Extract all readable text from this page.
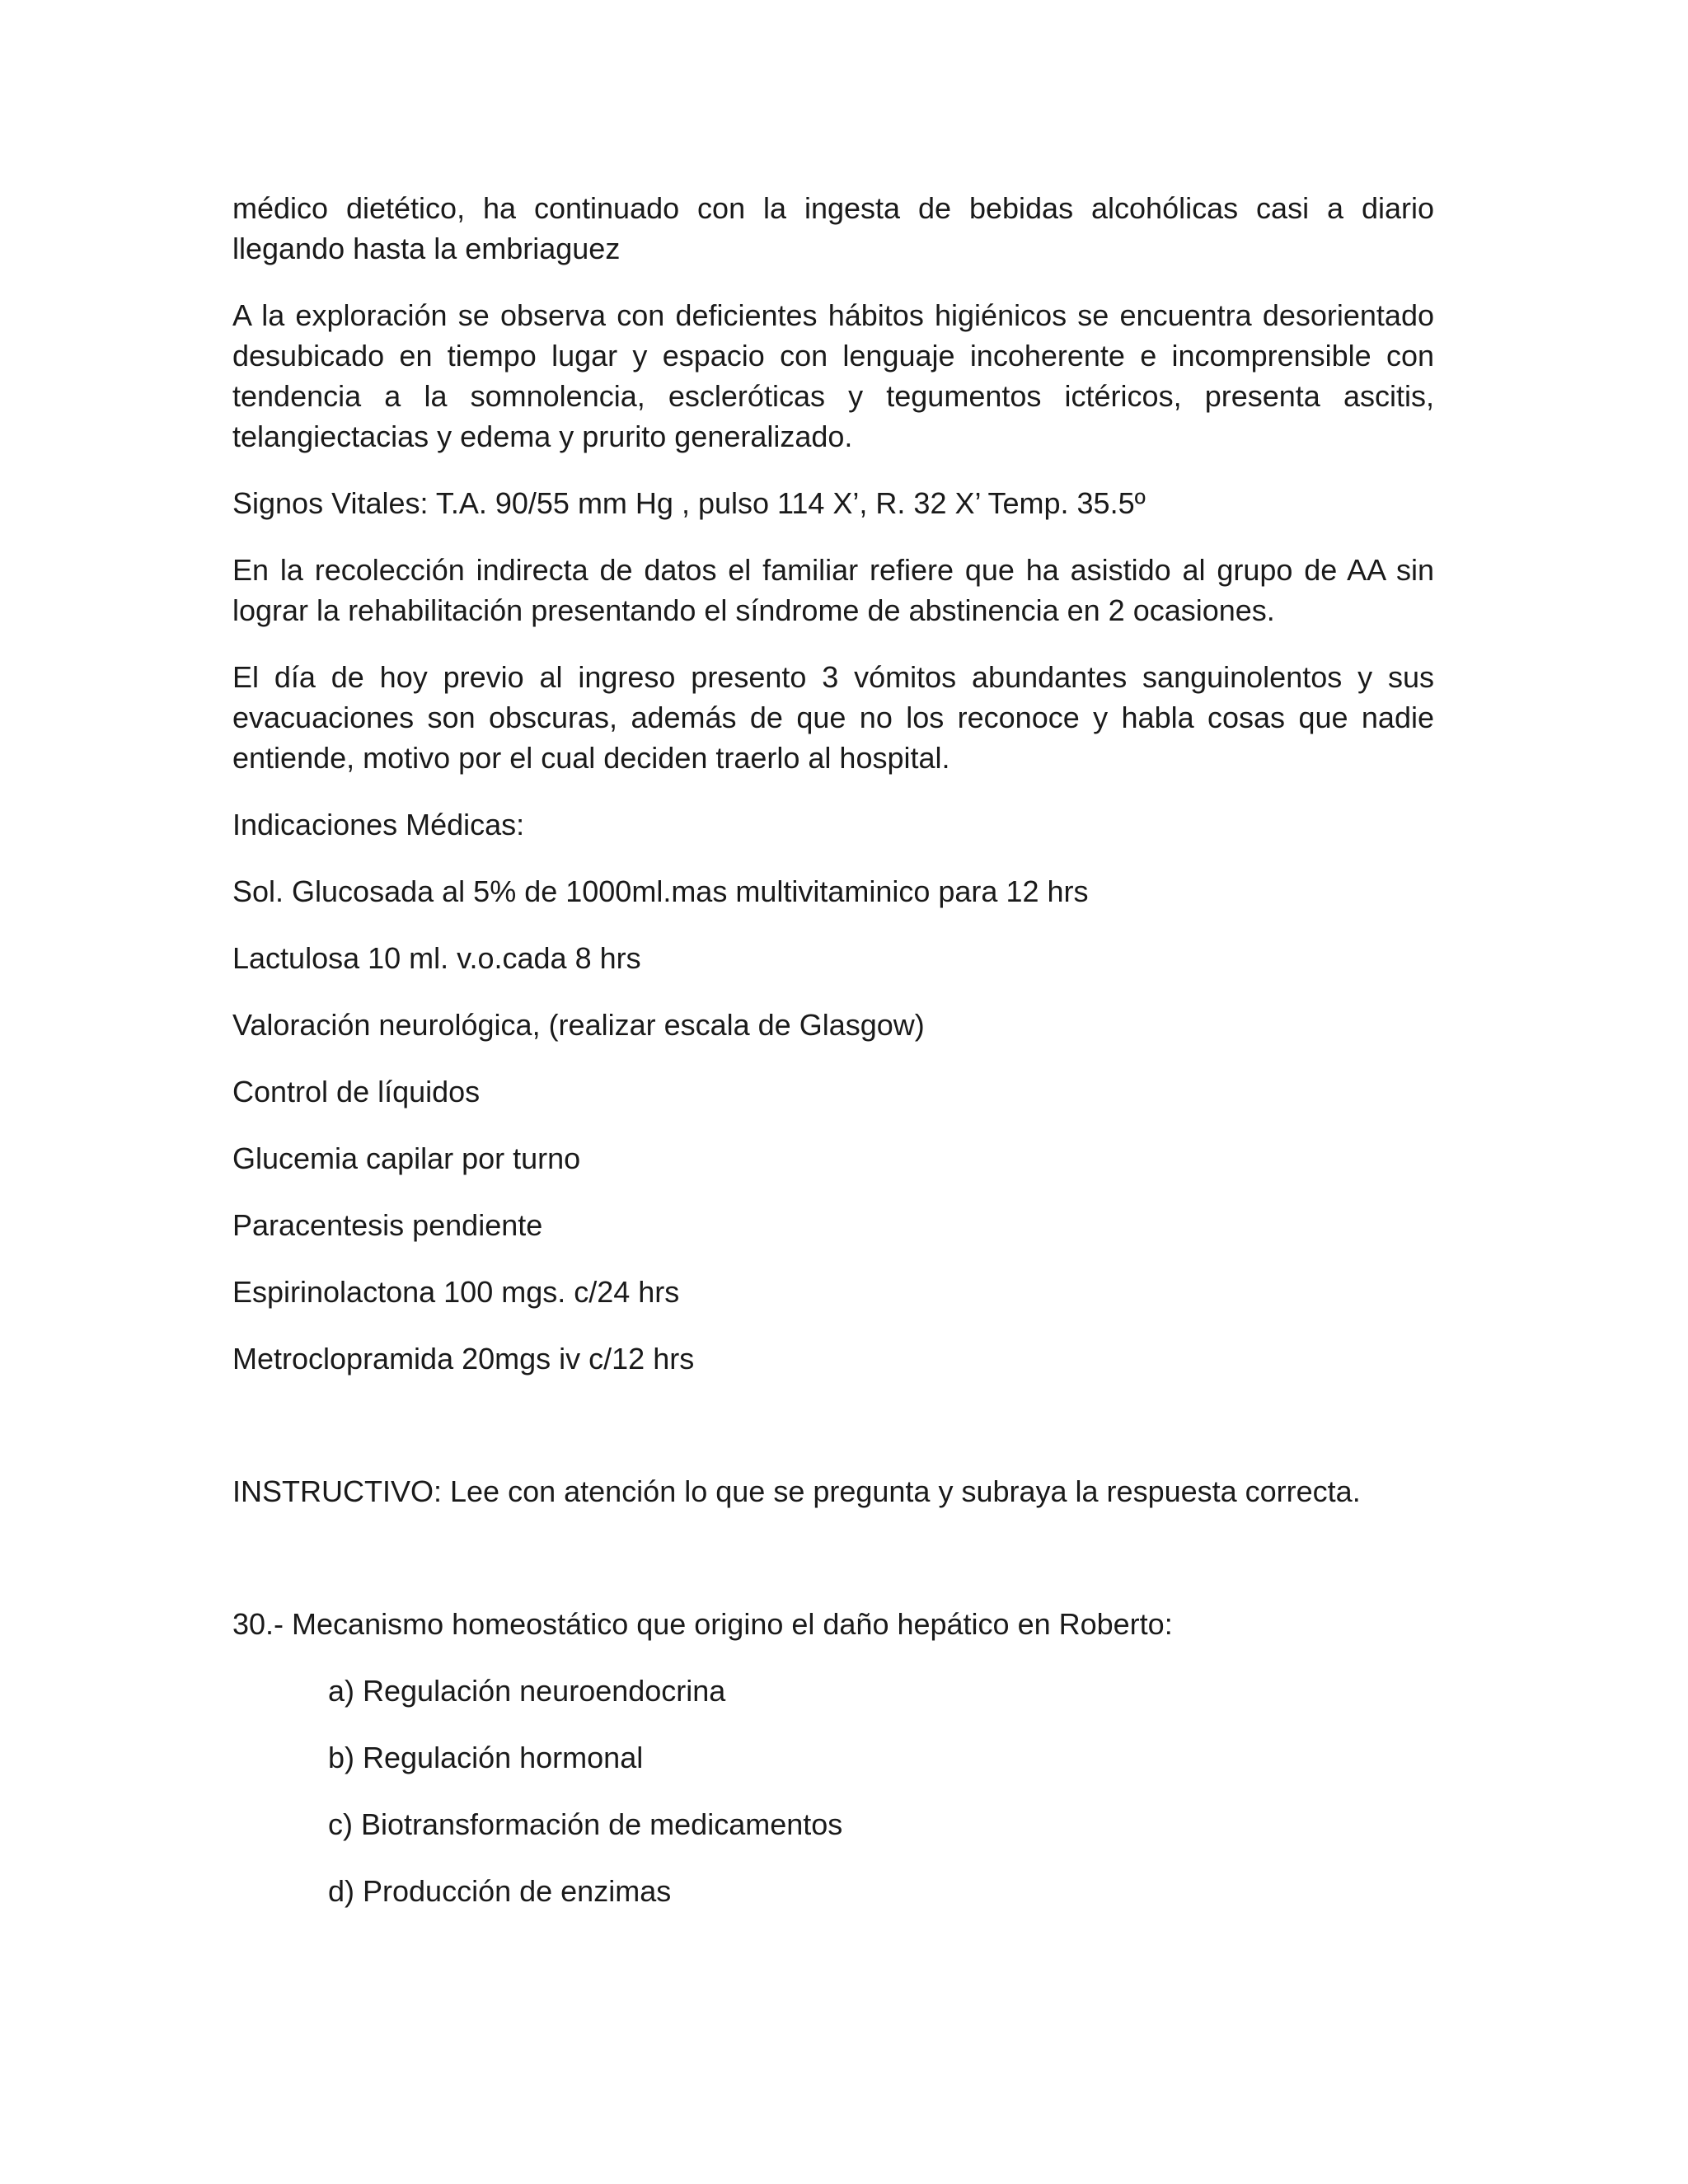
médico dietético, ha continuado con la ingesta de bebidas alcohólicas casi a diario llegando hasta la embriaguez

A la exploración se observa con deficientes hábitos higiénicos se encuentra desorientado desubicado en tiempo lugar y espacio con lenguaje incoherente e incomprensible con tendencia a la somnolencia, escleróticas y tegumentos ictéricos, presenta ascitis, telangiectacias y edema y prurito generalizado.

Signos Vitales: T.A. 90/55 mm Hg , pulso 114 X’, R. 32 X’ Temp. 35.5º

En la recolección indirecta de datos el familiar refiere que ha asistido al grupo de AA sin lograr la rehabilitación presentando el síndrome de abstinencia en 2 ocasiones.

El día de hoy previo al ingreso presento 3 vómitos abundantes sanguinolentos y sus evacuaciones son obscuras, además de que no los reconoce y habla cosas que nadie entiende, motivo por el cual deciden traerlo al hospital.

Indicaciones Médicas:

Sol. Glucosada al 5% de 1000ml.mas multivitaminico para 12 hrs

Lactulosa 10 ml. v.o.cada 8 hrs

Valoración neurológica, (realizar escala de Glasgow)

Control de líquidos

Glucemia capilar por turno

Paracentesis pendiente

Espirinolactona 100 mgs. c/24 hrs

Metroclopramida 20mgs iv c/12 hrs

INSTRUCTIVO: Lee con atención lo que se pregunta y subraya la respuesta correcta.

30.- Mecanismo homeostático que origino el daño hepático en Roberto:

a) Regulación neuroendocrina

b) Regulación hormonal

c) Biotransformación de medicamentos

d) Producción de enzimas
